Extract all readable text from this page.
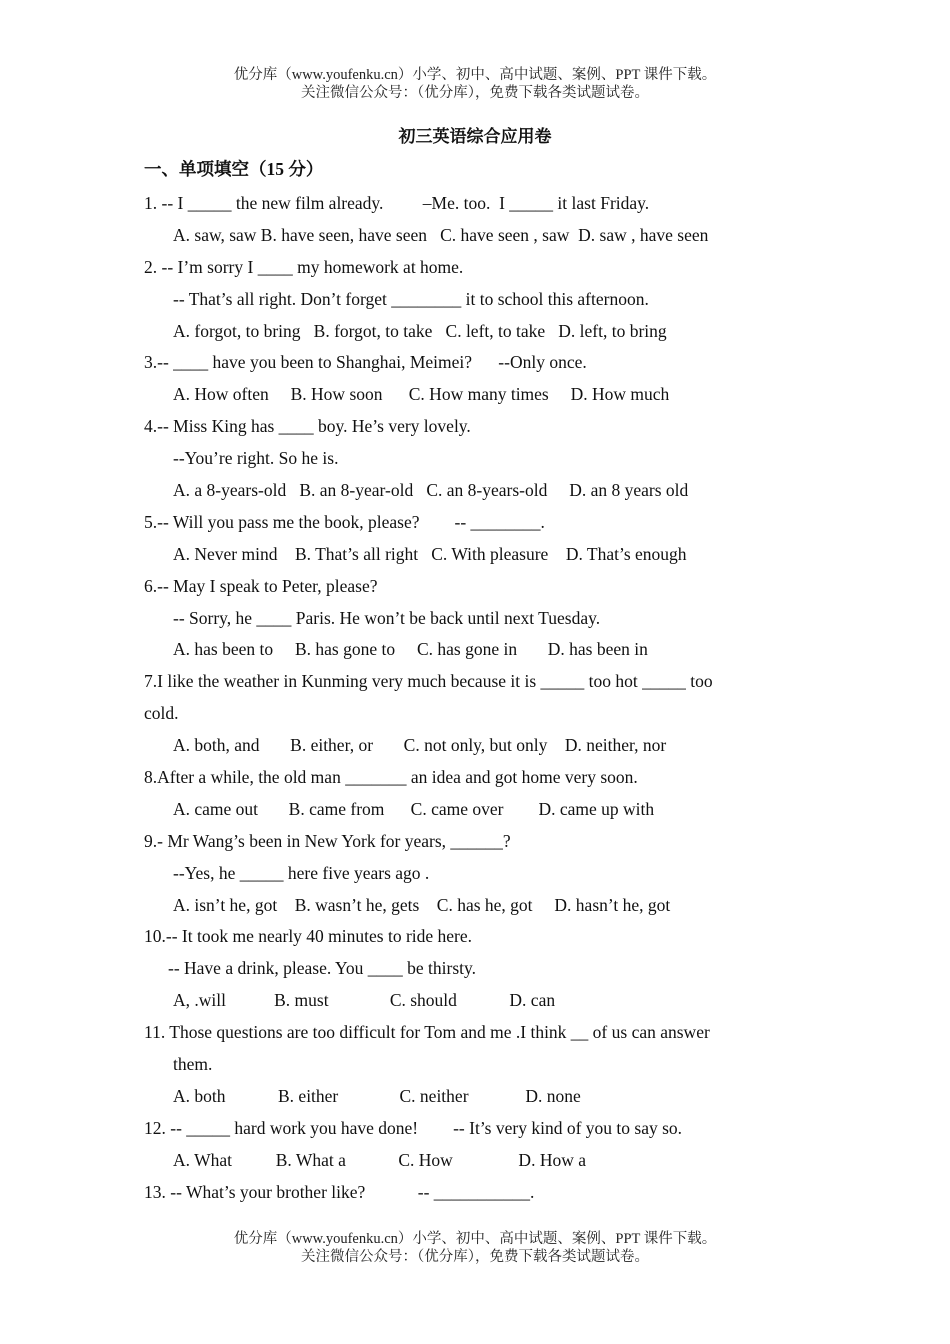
优分库（www.youfenku.cn）小学、初中、高中试题、案例、PPT 课件下载。
关注微信公众号：（优分库），免费下载各类试题试卷。
初三英语综合应用卷
一、单项填空（15 分）
1. -- I _____ the new film already.         –Me. too.  I _____ it last Friday.
A. saw, saw B. have seen, have seen   C. have seen , saw  D. saw , have seen
2. -- I’m sorry I ____ my homework at home.
-- That’s all right. Don’t forget ________ it to school this afternoon.
A. forgot, to bring   B. forgot, to take   C. left, to take   D. left, to bring
3.-- ____ have you been to Shanghai, Meimei?      --Only once.
A. How often     B. How soon      C. How many times     D. How much
4.-- Miss King has ____ boy. He’s very lovely.
--You’re right. So he is.
A. a 8-years-old   B. an 8-year-old   C. an 8-years-old     D. an 8 years old
5.-- Will you pass me the book, please?        -- ________.
A. Never mind    B. That’s all right   C. With pleasure    D. That’s enough
6.-- May I speak to Peter, please?
-- Sorry, he ____ Paris. He won’t be back until next Tuesday.
A. has been to     B. has gone to     C. has gone in       D. has been in
7.I like the weather in Kunming very much because it is _____ too hot _____ too
cold.
A. both, and       B. either, or       C. not only, but only    D. neither, nor
8.After a while, the old man _______ an idea and got home very soon.
A. came out       B. came from      C. came over        D. came up with
9.- Mr Wang’s been in New York for years, ______?
--Yes, he _____ here five years ago .
A. isn’t he, got    B. wasn’t he, gets    C. has he, got     D. hasn’t he, got
10.-- It took me nearly 40 minutes to ride here.
-- Have a drink, please. You ____ be thirsty.
A, .will           B. must              C. should            D. can
11. Those questions are too difficult for Tom and me .I think __ of us can answer
them.
A. both            B. either              C. neither             D. none
12. -- _____ hard work you have done!        -- It’s very kind of you to say so.
A. What          B. What a            C. How               D. How a
13. -- What’s your brother like?            -- ___________.
优分库（www.youfenku.cn）小学、初中、高中试题、案例、PPT 课件下载。
关注微信公众号：（优分库），免费下载各类试题试卷。
